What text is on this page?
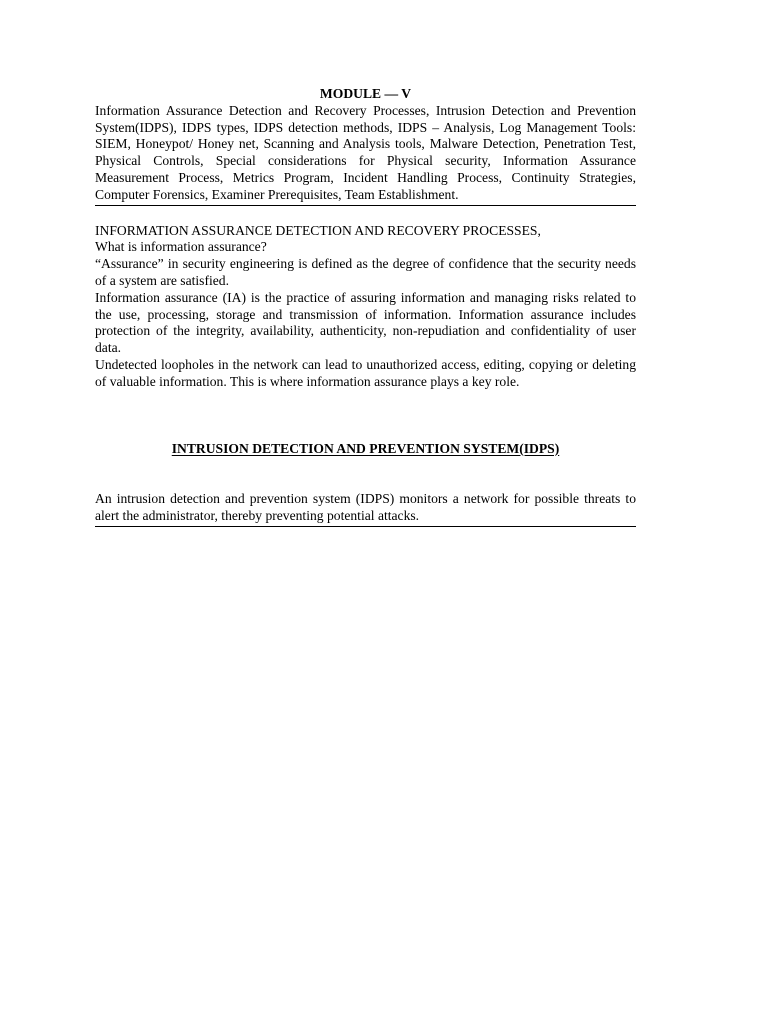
MODULE — V

Information Assurance Detection and Recovery Processes, Intrusion Detection and Prevention System(IDPS), IDPS types, IDPS detection methods, IDPS – Analysis, Log Management Tools: SIEM, Honeypot/ Honey net, Scanning and Analysis tools, Malware Detection, Penetration Test, Physical Controls, Special considerations for Physical security, Information Assurance Measurement Process, Metrics Program, Incident Handling Process, Continuity Strategies, Computer Forensics, Examiner Prerequisites, Team Establishment.

INFORMATION ASSURANCE DETECTION AND RECOVERY PROCESSES,

What is information assurance?

“Assurance” in security engineering is defined as the degree of confidence that the security needs of a system are satisfied.

Information assurance (IA) is the practice of assuring information and managing risks related to the use, processing, storage and transmission of information. Information assurance includes protection of the integrity, availability, authenticity, non-repudiation and confidentiality of user data.

Undetected loopholes in the network can lead to unauthorized access, editing, copying or deleting of valuable information. This is where information assurance plays a key role.

INTRUSION DETECTION AND PREVENTION SYSTEM(IDPS)

An intrusion detection and prevention system (IDPS) monitors a network for possible threats to alert the administrator, thereby preventing potential attacks.
